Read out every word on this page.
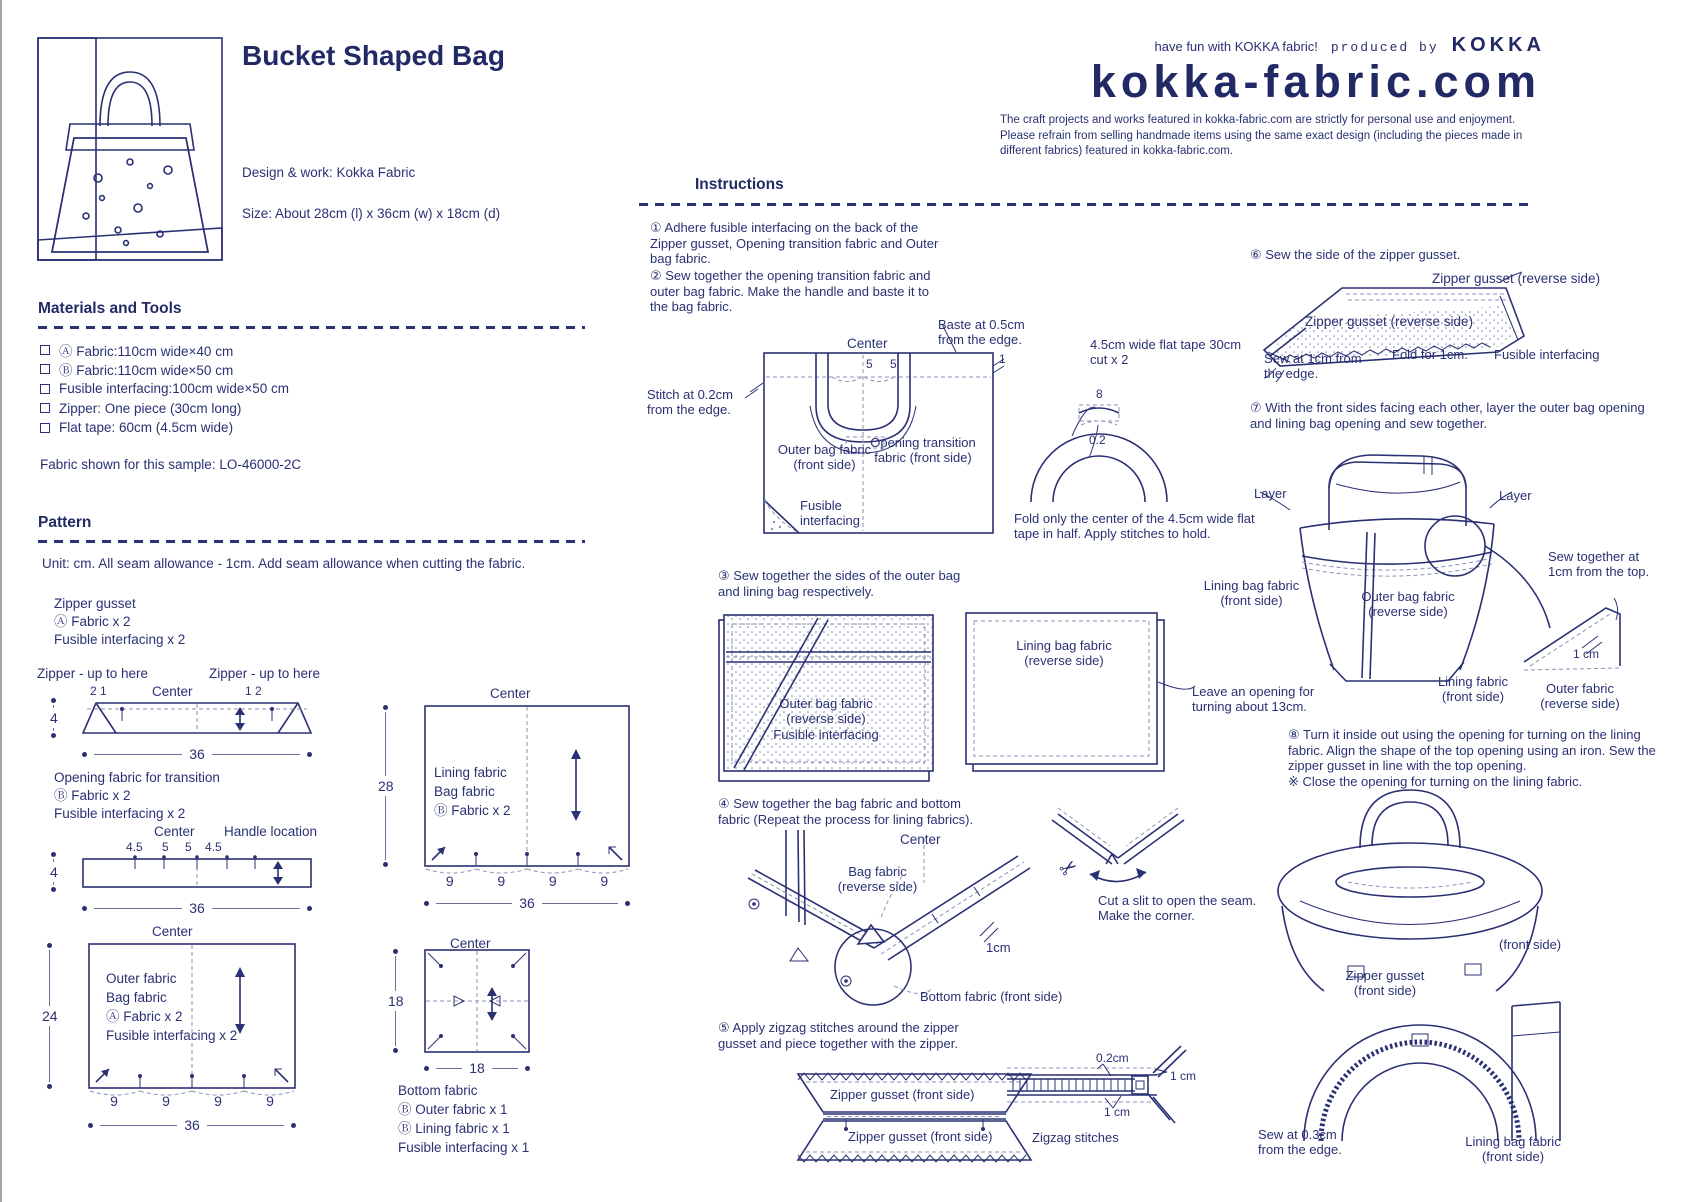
Bucket Shaped Bag
Design & work: Kokka Fabric
Size: About 28cm (l) x 36cm (w) x 18cm (d)
have fun with KOKKA fabric! produced by KOKKA
kokka-fabric.com
The craft projects and works featured in kokka-fabric.com are strictly for personal use and enjoyment. Please refrain from selling handmade items using the same exact design (including the pieces made in different fabrics) featured in kokka-fabric.com.
Materials and Tools
Ⓐ Fabric:110cm wide×40 cm
Ⓑ Fabric:110cm wide×50 cm
Fusible interfacing:100cm wide×50 cm
Zipper: One piece (30cm long)
Flat tape: 60cm (4.5cm wide)
Fabric shown for this sample: LO-46000-2C
Pattern
Unit: cm. All seam allowance - 1cm. Add seam allowance when cutting the fabric.
Zipper gusset
Ⓐ Fabric x 2
Fusible interfacing x 2
Zipper - up to here	Zipper - up to here
2 1	1 2
Center
4
36
Opening fabric for transition
Ⓑ Fabric x 2
Fusible interfacing x 2
Center Handle location
4.5 5 5 4.5
4
36
Center
Outer fabric
Bag fabric
Ⓐ Fabric x 2
Fusible interfacing x 2
24
9	9	9	9
36
Center
Lining fabric
Bag fabric
Ⓑ Fabric x 2
28
9	9	9	9
36
Center
18
18
Bottom fabric
Ⓑ Outer fabric x 1
Ⓑ Lining fabric x 1
Fusible interfacing x 1
Instructions
① Adhere fusible interfacing on the back of the Zipper gusset, Opening transition fabric and Outer bag fabric.
② Sew together the opening transition fabric and outer bag fabric. Make the handle and baste it to the bag fabric.
Stitch at 0.2cm from the edge.
Baste at 0.5cm from the edge.
Center
5 5	1
Outer bag fabric (front side)
Opening transition fabric (front side)
Fusible interfacing
4.5cm wide flat tape 30cm cut x 2
8
0.2
Fold only the center of the 4.5cm wide flat tape in half. Apply stitches to hold.
③ Sew together the sides of the outer bag and lining bag respectively.
Outer bag fabric
(reverse side)
Fusible interfacing
Lining bag fabric
(reverse side)
Leave an opening for turning about 13cm.
④ Sew together the bag fabric and bottom fabric (Repeat the process for lining fabrics).
Bag fabric
(reverse side)
Center
1cm
Bottom fabric (front side)
✂
Cut a slit to open the seam.
Make the corner.
⑤ Apply zigzag stitches around the zipper gusset and piece together with the zipper.
Zipper gusset (front side)
Zipper gusset (front side)
0.2cm
1 cm
1 cm
Zigzag stitches
⑥ Sew the side of the zipper gusset.
Zipper gusset (reverse side)
Zipper gusset (reverse side)
Sew at 1cm from the edge.
Fold for 1cm. Fusible interfacing
⑦ With the front sides facing each other, layer the outer bag opening and lining bag opening and sew together.
Layer	Layer
Lining bag fabric
(front side)	Outer bag fabric
(reverse side)
Sew together at 1cm from the top.
1 cm
Lining fabric
(front side)
Outer fabric
(reverse side)
⑧ Turn it inside out using the opening for turning on the lining fabric. Align the shape of the top opening using an iron. Sew the zipper gusset in line with the top opening.
※ Close the opening for turning on the lining fabric.
(front side)
Zipper gusset
(front side)
Sew at 0.3cm
from the edge.
Lining bag fabric
(front side)
